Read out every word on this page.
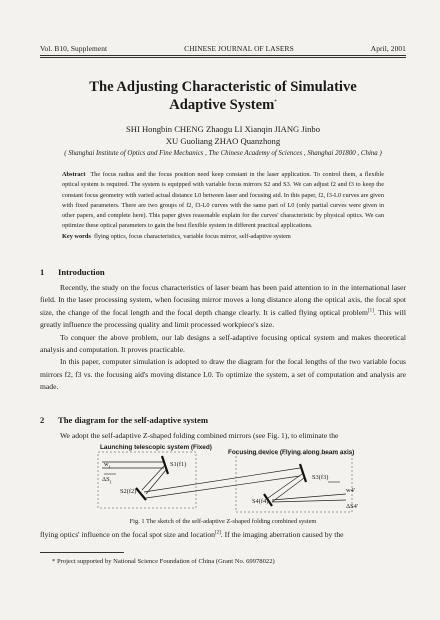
Vol. B10, Supplement	CHINESE JOURNAL OF LASERS	April, 2001
The Adjusting Characteristic of Simulative
Adaptive System*
SHI Hongbin CHENG Zhaogu LI Xianqin JIANG Jinbo
XU Guoliang ZHAO Quanzhong
( Shanghai Institute of Optics and Fine Mechanics , The Chinese Academy of Sciences , Shanghai 201800 , China )
Abstract The focus radius and the focus position need keep constant in the laser application. To control them, a flexible optical system is required. The system is equipped with variable focus mirrors S2 and S3. We can adjust f2 and f3 to keep the constant focus geometry with varied actual distance L0 between laser and focusing aid. In this paper, f2, f3-L0 curves are given with fixed parameters. There are two groups of f2, f3-L0 curves with the same part of L0 (only partial curves were given in other papers, and complete here). This paper gives reasonable explain for the curves' characteristic by physical optics. We can optimize these optical parameters to gain the best flexible system in different practical applications.
Key words flying optics, focus characteristics, variable focus mirror, self-adaptive system
1 Introduction

Recently, the study on the focus characteristics of laser beam has been paid attention to in the international laser field. In the laser processing system, when focusing mirror moves a long distance along the optical axis, the focal spot size, the change of the focal length and the focal depth change clearly. It is called flying optical problem[1]. This will greatly influence the processing quality and limit processed workpiece's size.

To conquer the above problem, our lab designs a self-adaptive focusing optical system and makes theoretical analysis and computation. It proves practicable.

In this paper, computer simulation is adopted to draw the diagram for the focal lengths of the two variable focus mirrors f2, f3 vs. the focusing aid's moving distance L0. To optimize the system, a set of computation and analysis are made.

2 The diagram for the self-adaptive system

We adopt the self-adaptive Z-shaped folding combined mirrors (see Fig. 1), to eliminate the

Launching telescopic system (Fixed)
Focusing device (Flying along beam axis)
$w_1$
$\Delta S_1$
S1(f1)
S2(f2)
S3(f3)
S4(f4)
w4'
ΔS4'
Fig. 1 The sketch of the self-adaptive Z-shaped folding combined system

flying optics' influence on the focal spot size and location[2]. If the imaging aberration caused by the

* Project supported by National Science Foundation of China (Grant No. 69978022)
